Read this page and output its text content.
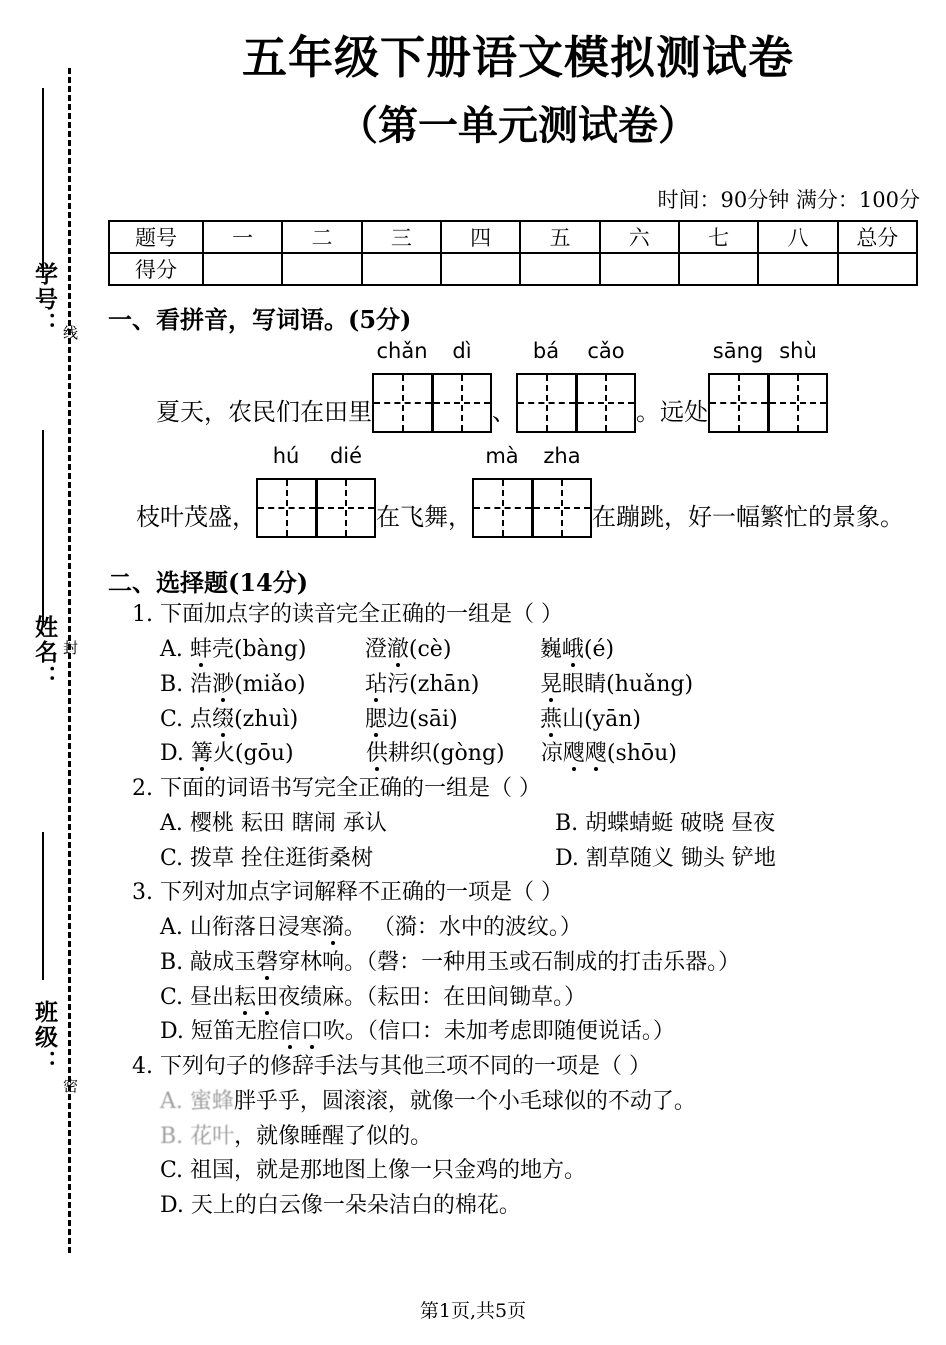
学号：
姓名：
班级：
线
封
密
五年级下册语文模拟测试卷
（第一单元测试卷）
时间：90分钟 满分：100分
题号	一	二	三	四	五	六	七	八	总分
得分									
一、看拼音，写词语。(5分)
夏天，农民们在田里
chǎn dì
、
bá cǎo
。远处
sāng shù
枝叶茂盛，
hú dié
在飞舞，
mà zha
在蹦跳，好一幅繁忙的景象。
二、选择题(14分)
1. 下面加点字的读音完全正确的一组是（ ）
A. 蚌壳(bàng)	澄澈(cè)	巍峨(é)
B. 浩渺(miǎo)	玷污(zhān)	晃眼睛(huǎng)
C. 点缀(zhuì)	腮边(sāi)	燕山(yān)
D. 篝火(gōu)	供耕织(gòng) 凉飕飕(shōu)
2. 下面的词语书写完全正确的一组是（ ）
A. 樱桃 耘田 瞎闹 承认	B. 胡蝶蜻蜓 破晓 昼夜
C. 拨草 拴住逛街桑树	D. 割草随义 锄头 铲地
3. 下列对加点字词解释不正确的一项是（ ）
A. 山衔落日浸寒漪。 （漪：水中的波纹。）
B. 敲成玉磬穿林响。（磬：一种用玉或石制成的打击乐器。）
C. 昼出耘田夜绩麻。（耘田：在田间锄草。）
D. 短笛无腔信口吹。（信口：未加考虑即随便说话。）
4. 下列句子的修辞手法与其他三项不同的一项是（ ）
A. 蜜蜂胖乎乎，圆滚滚，就像一个小毛球似的不动了。
B. 花叶，就像睡醒了似的。
C. 祖国，就是那地图上像一只金鸡的地方。
D. 天上的白云像一朵朵洁白的棉花。
第1页,共5页
